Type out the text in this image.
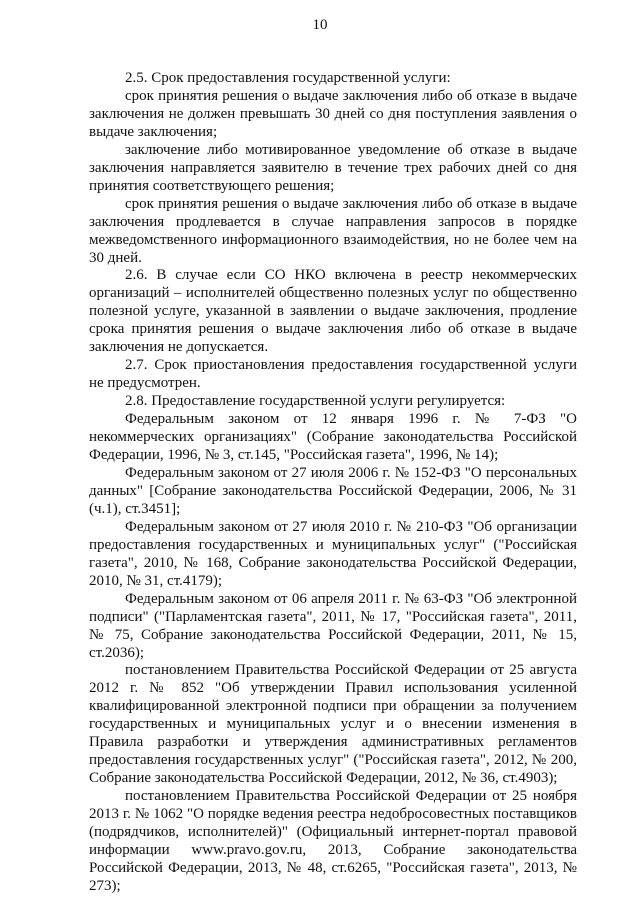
10

2.5. Срок предоставления государственной услуги:

срок принятия решения о выдаче заключения либо об отказе в выдаче заключения не должен превышать 30 дней со дня поступления заявления о выдаче заключения;

заключение либо мотивированное уведомление об отказе в выдаче заключения направляется заявителю в течение трех рабочих дней со дня принятия соответствующего решения;

срок принятия решения о выдаче заключения либо об отказе в выдаче заключения продлевается в случае направления запросов в порядке межведомственного информационного взаимодействия, но не более чем на 30 дней.

2.6. В случае если СО НКО включена в реестр некоммерческих организаций – исполнителей общественно полезных услуг по общественно полезной услуге, указанной в заявлении о выдаче заключения, продление срока принятия решения о выдаче заключения либо об отказе в выдаче заключения не допускается.

2.7. Срок приостановления предоставления государственной услуги не предусмотрен.

2.8. Предоставление государственной услуги регулируется:

Федеральным законом от 12 января 1996 г. № 7-ФЗ "О некоммерческих организациях" (Собрание законодательства Российской Федерации, 1996, № 3, ст.145, "Российская газета", 1996, № 14);

Федеральным законом от 27 июля 2006 г. № 152-ФЗ "О персональных данных" [Собрание законодательства Российской Федерации, 2006, № 31 (ч.1), ст.3451];

Федеральным законом от 27 июля 2010 г. № 210-ФЗ "Об организации предоставления государственных и муниципальных услуг" ("Российская газета", 2010, № 168, Собрание законодательства Российской Федерации, 2010, № 31, ст.4179);

Федеральным законом от 06 апреля 2011 г. № 63-ФЗ "Об электронной подписи" ("Парламентская газета", 2011, № 17, "Российская газета", 2011, № 75, Собрание законодательства Российской Федерации, 2011, № 15, ст.2036);

постановлением Правительства Российской Федерации от 25 августа 2012 г. № 852 "Об утверждении Правил использования усиленной квалифицированной электронной подписи при обращении за получением государственных и муниципальных услуг и о внесении изменения в Правила разработки и утверждения административных регламентов предоставления государственных услуг" ("Российская газета", 2012, № 200, Собрание законодательства Российской Федерации, 2012, № 36, ст.4903);

постановлением Правительства Российской Федерации от 25 ноября 2013 г. № 1062 "О порядке ведения реестра недобросовестных поставщиков (подрядчиков, исполнителей)" (Официальный интернет-портал правовой информации www.pravo.gov.ru, 2013, Собрание законодательства Российской Федерации, 2013, № 48, ст.6265, "Российская газета", 2013, № 273);
